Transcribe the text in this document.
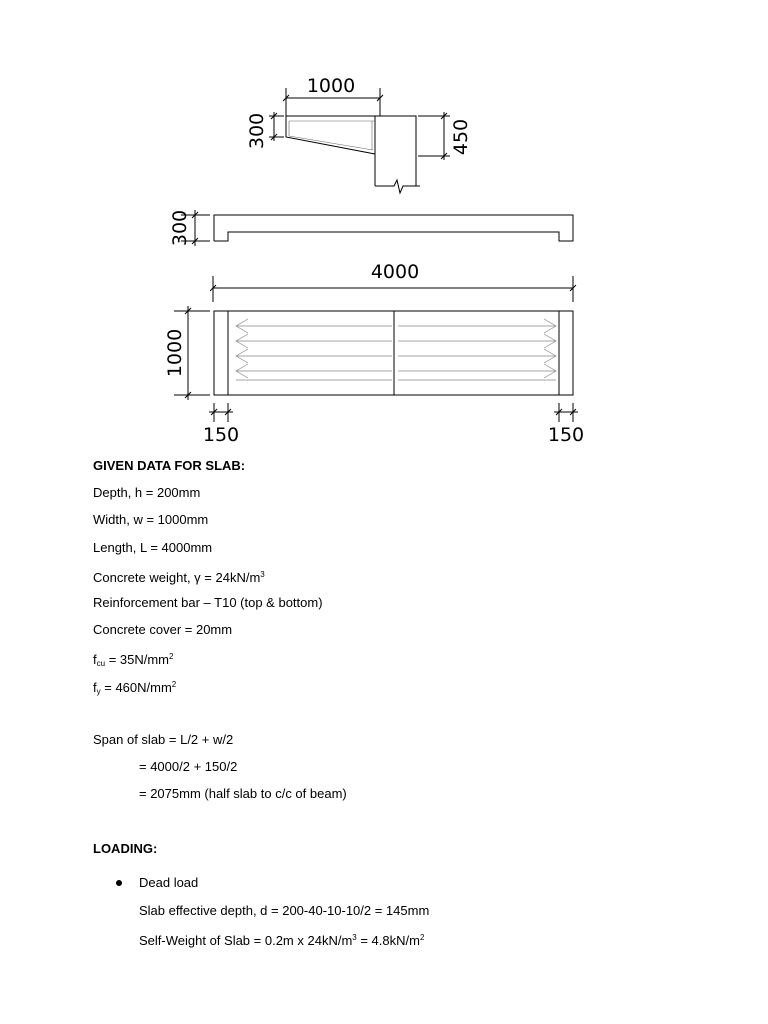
1000
300	450
300
4000
1000
150	150
GIVEN DATA FOR SLAB:
Depth, h = 200mm
Width, w = 1000mm
Length, L = 4000mm
Concrete weight, $\gamma = 24kN/m^3$
Reinforcement bar – T10 (top & bottom)
Concrete cover = 20mm
$f_{cu} = 35N/mm^2$
$f_y = 460N/mm^2$
Span of slab = L/2 + w/2
= 4000/2 + 150/2
= 2075mm (half slab to c/c of beam)
LOADING:
Dead load
Slab effective depth, d = 200-40-10-10/2 = 145mm
Self-Weight of Slab = 0.2m x $24kN/m^3 = 4.8kN/m^2$
